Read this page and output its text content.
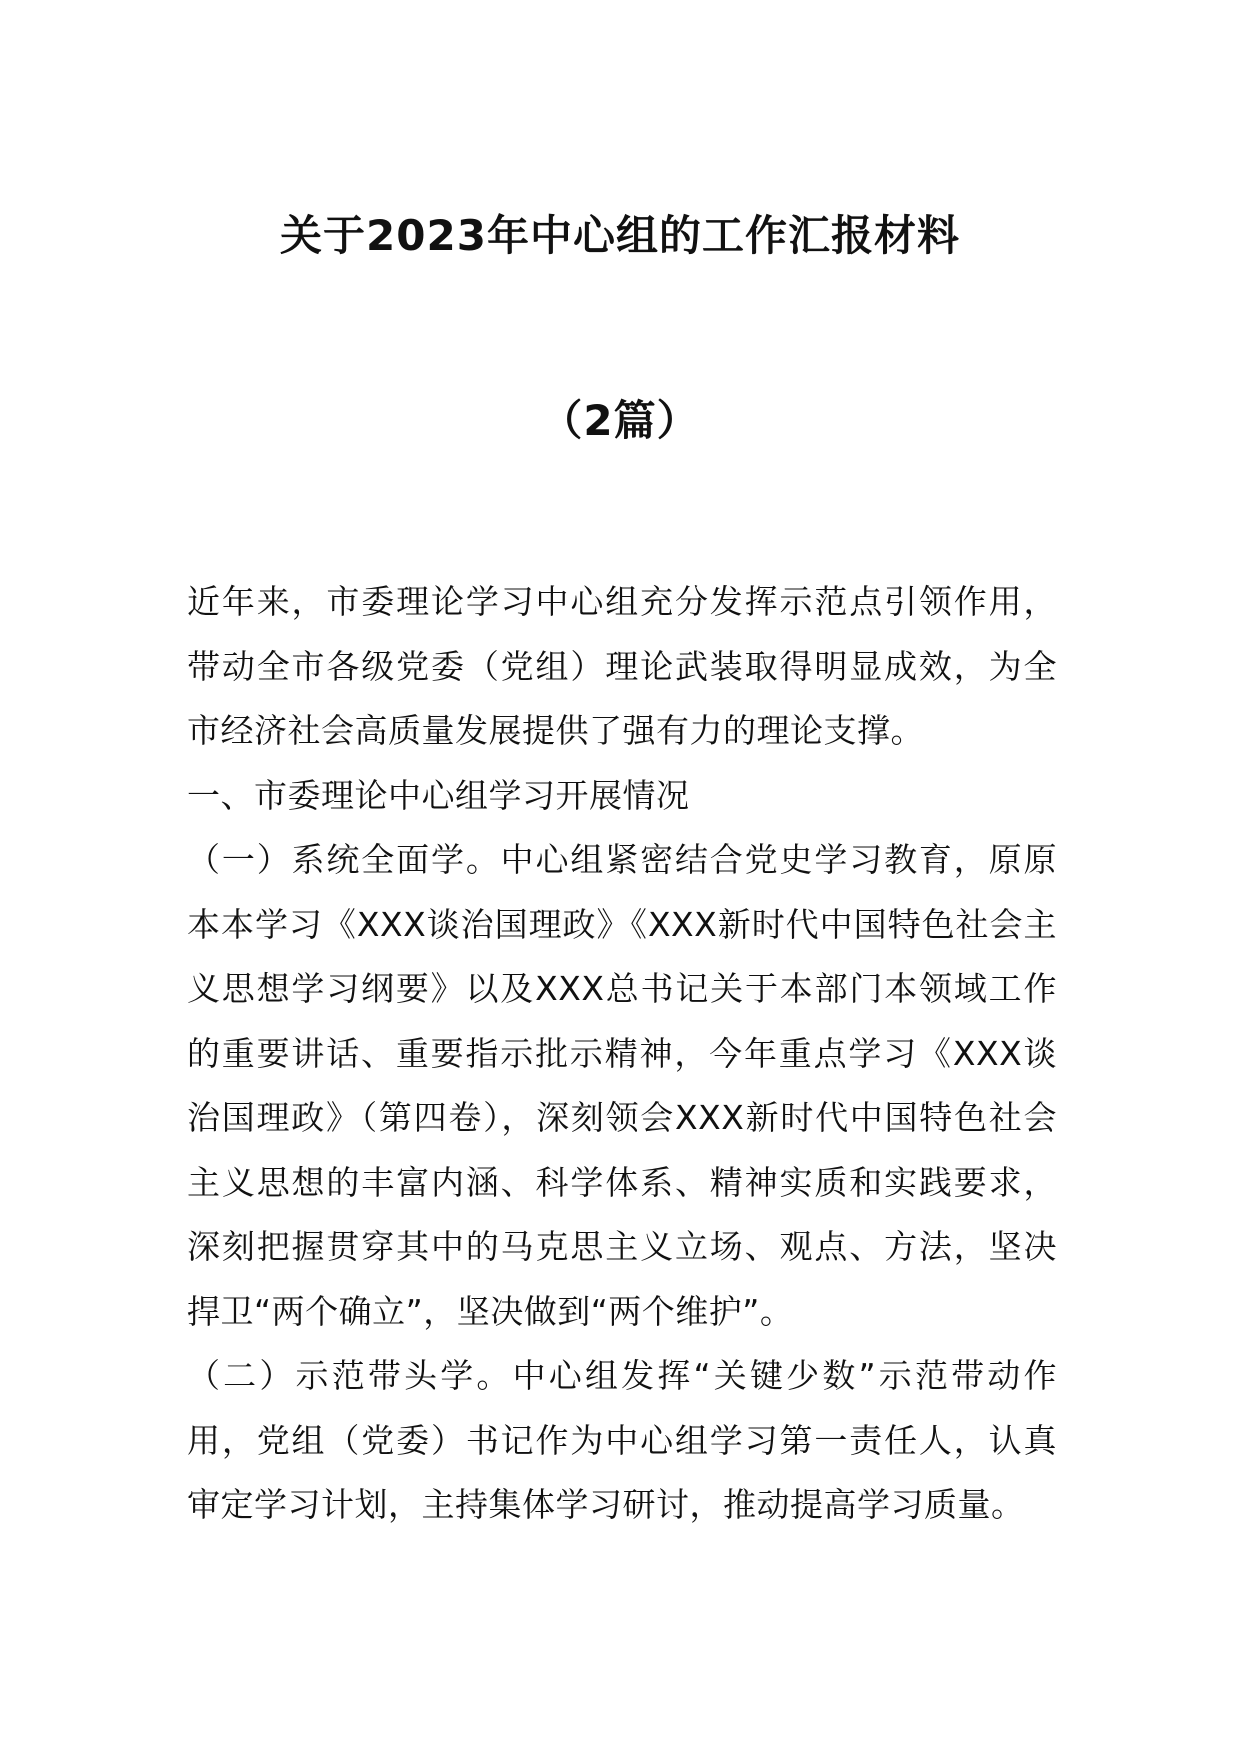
关于2023年中心组的工作汇报材料
（2篇）

近年来，市委理论学习中心组充分发挥示范点引领作用，带动全市各级党委（党组）理论武装取得明显成效，为全市经济社会高质量发展提供了强有力的理论支撑。

一、市委理论中心组学习开展情况

（一）系统全面学。中心组紧密结合党史学习教育，原原本本学习《XXX谈治国理政》《XXX新时代中国特色社会主义思想学习纲要》以及XXX总书记关于本部门本领域工作的重要讲话、重要指示批示精神，今年重点学习《XXX谈治国理政》（第四卷），深刻领会XXX新时代中国特色社会主义思想的丰富内涵、科学体系、精神实质和实践要求，深刻把握贯穿其中的马克思主义立场、观点、方法，坚决捍卫“两个确立”，坚决做到“两个维护”。

（二）示范带头学。中心组发挥“关键少数”示范带动作用，党组（党委）书记作为中心组学习第一责任人，认真审定学习计划，主持集体学习研讨，推动提高学习质量。
